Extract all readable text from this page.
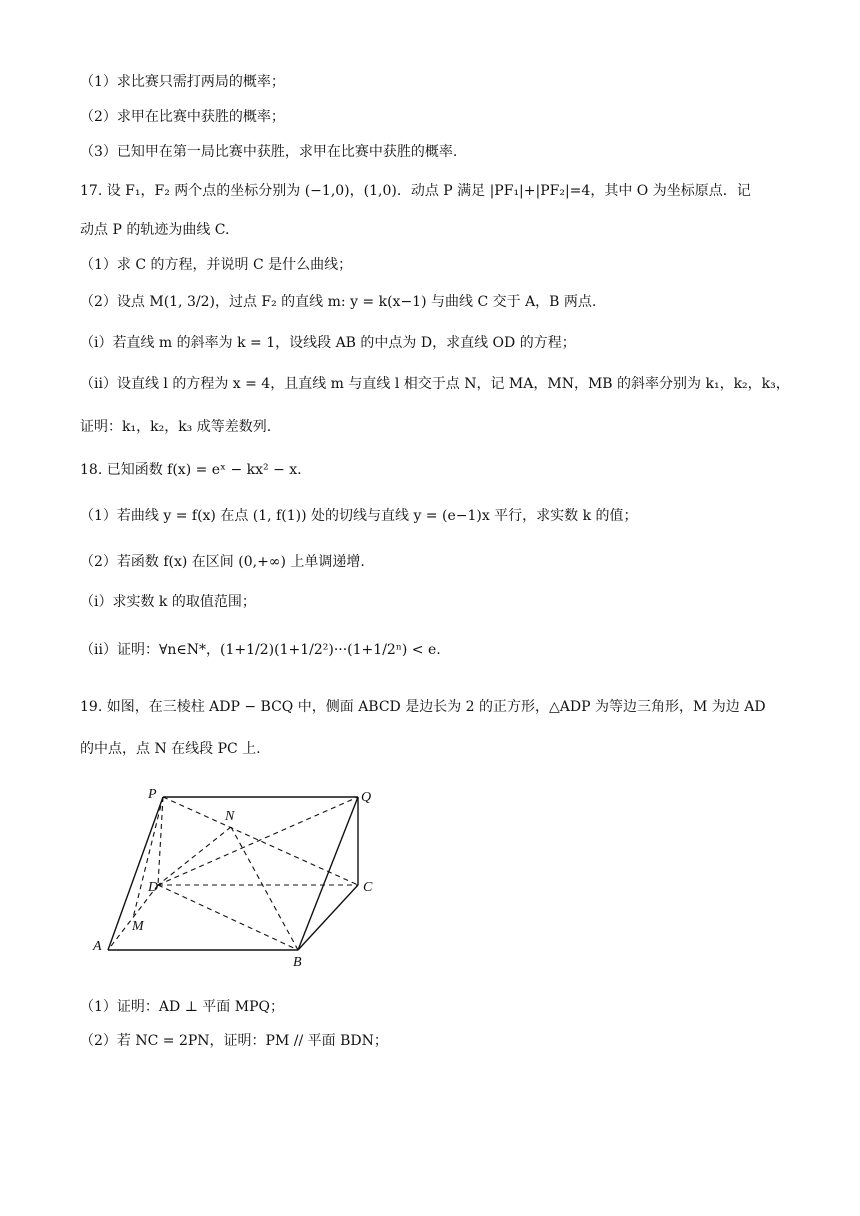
（1）求比赛只需打两局的概率；
（2）求甲在比赛中获胜的概率；
（3）已知甲在第一局比赛中获胜，求甲在比赛中获胜的概率.
17. 设 F₁，F₂ 两个点的坐标分别为 (−1,0)，(1,0)．动点 P 满足 |PF₁|+|PF₂|=4，其中 O 为坐标原点．记
动点 P 的轨迹为曲线 C.
（1）求 C 的方程，并说明 C 是什么曲线；
（2）设点 M(1, 3/2)，过点 F₂ 的直线 m: y = k(x−1) 与曲线 C 交于 A，B 两点.
（ⅰ）若直线 m 的斜率为 k = 1，设线段 AB 的中点为 D，求直线 OD 的方程；
（ⅱ）设直线 l 的方程为 x = 4，且直线 m 与直线 l 相交于点 N，记 MA，MN，MB 的斜率分别为 k₁，k₂，k₃，
证明：k₁，k₂，k₃ 成等差数列.
18. 已知函数 f(x) = eˣ − kx² − x.
（1）若曲线 y = f(x) 在点 (1, f(1)) 处的切线与直线 y = (e−1)x 平行，求实数 k 的值；
（2）若函数 f(x) 在区间 (0,+∞) 上单调递增.
（ⅰ）求实数 k 的取值范围；
（ⅱ）证明：∀n∈N*，(1+1/2)(1+1/2²)···(1+1/2ⁿ) < e.
19. 如图，在三棱柱 ADP − BCQ 中，侧面 ABCD 是边长为 2 的正方形，△ADP 为等边三角形，M 为边 AD
的中点，点 N 在线段 PC 上.
P	Q
N
D	C
M
A
B
（1）证明：AD ⊥ 平面 MPQ；
（2）若 NC = 2PN，证明：PM // 平面 BDN；
